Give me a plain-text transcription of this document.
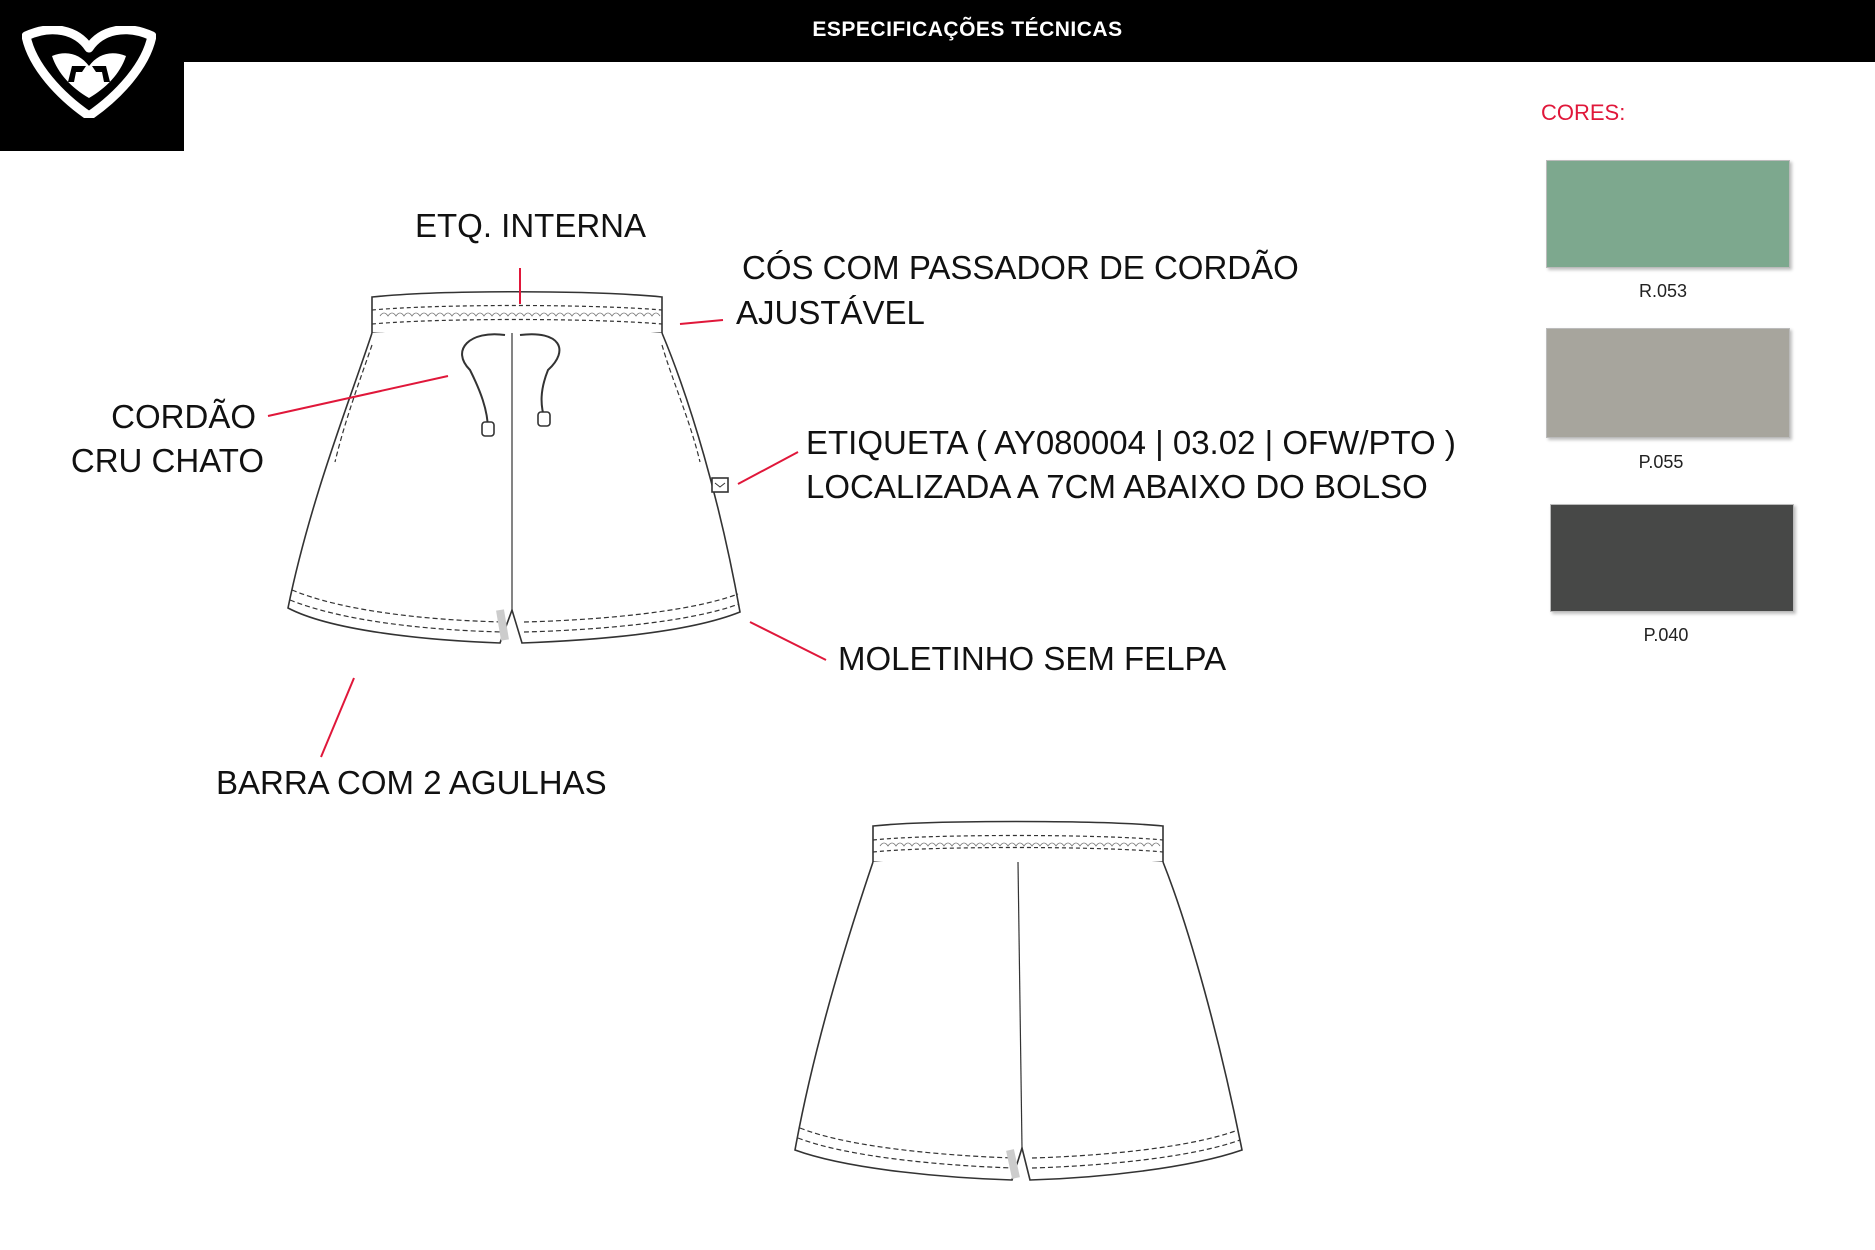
ESPECIFICAÇÕES TÉCNICAS
ETQ. INTERNA
CÓS COM PASSADOR DE CORDÃO
AJUSTÁVEL
CORDÃO
CRU CHATO	ETIQUETA ( AY080004 | 03.02 | OFW/PTO )
LOCALIZADA A 7CM ABAIXO DO BOLSO
MOLETINHO SEM FELPA
BARRA COM 2 AGULHAS
CORES:
R.053
P.055
P.040
